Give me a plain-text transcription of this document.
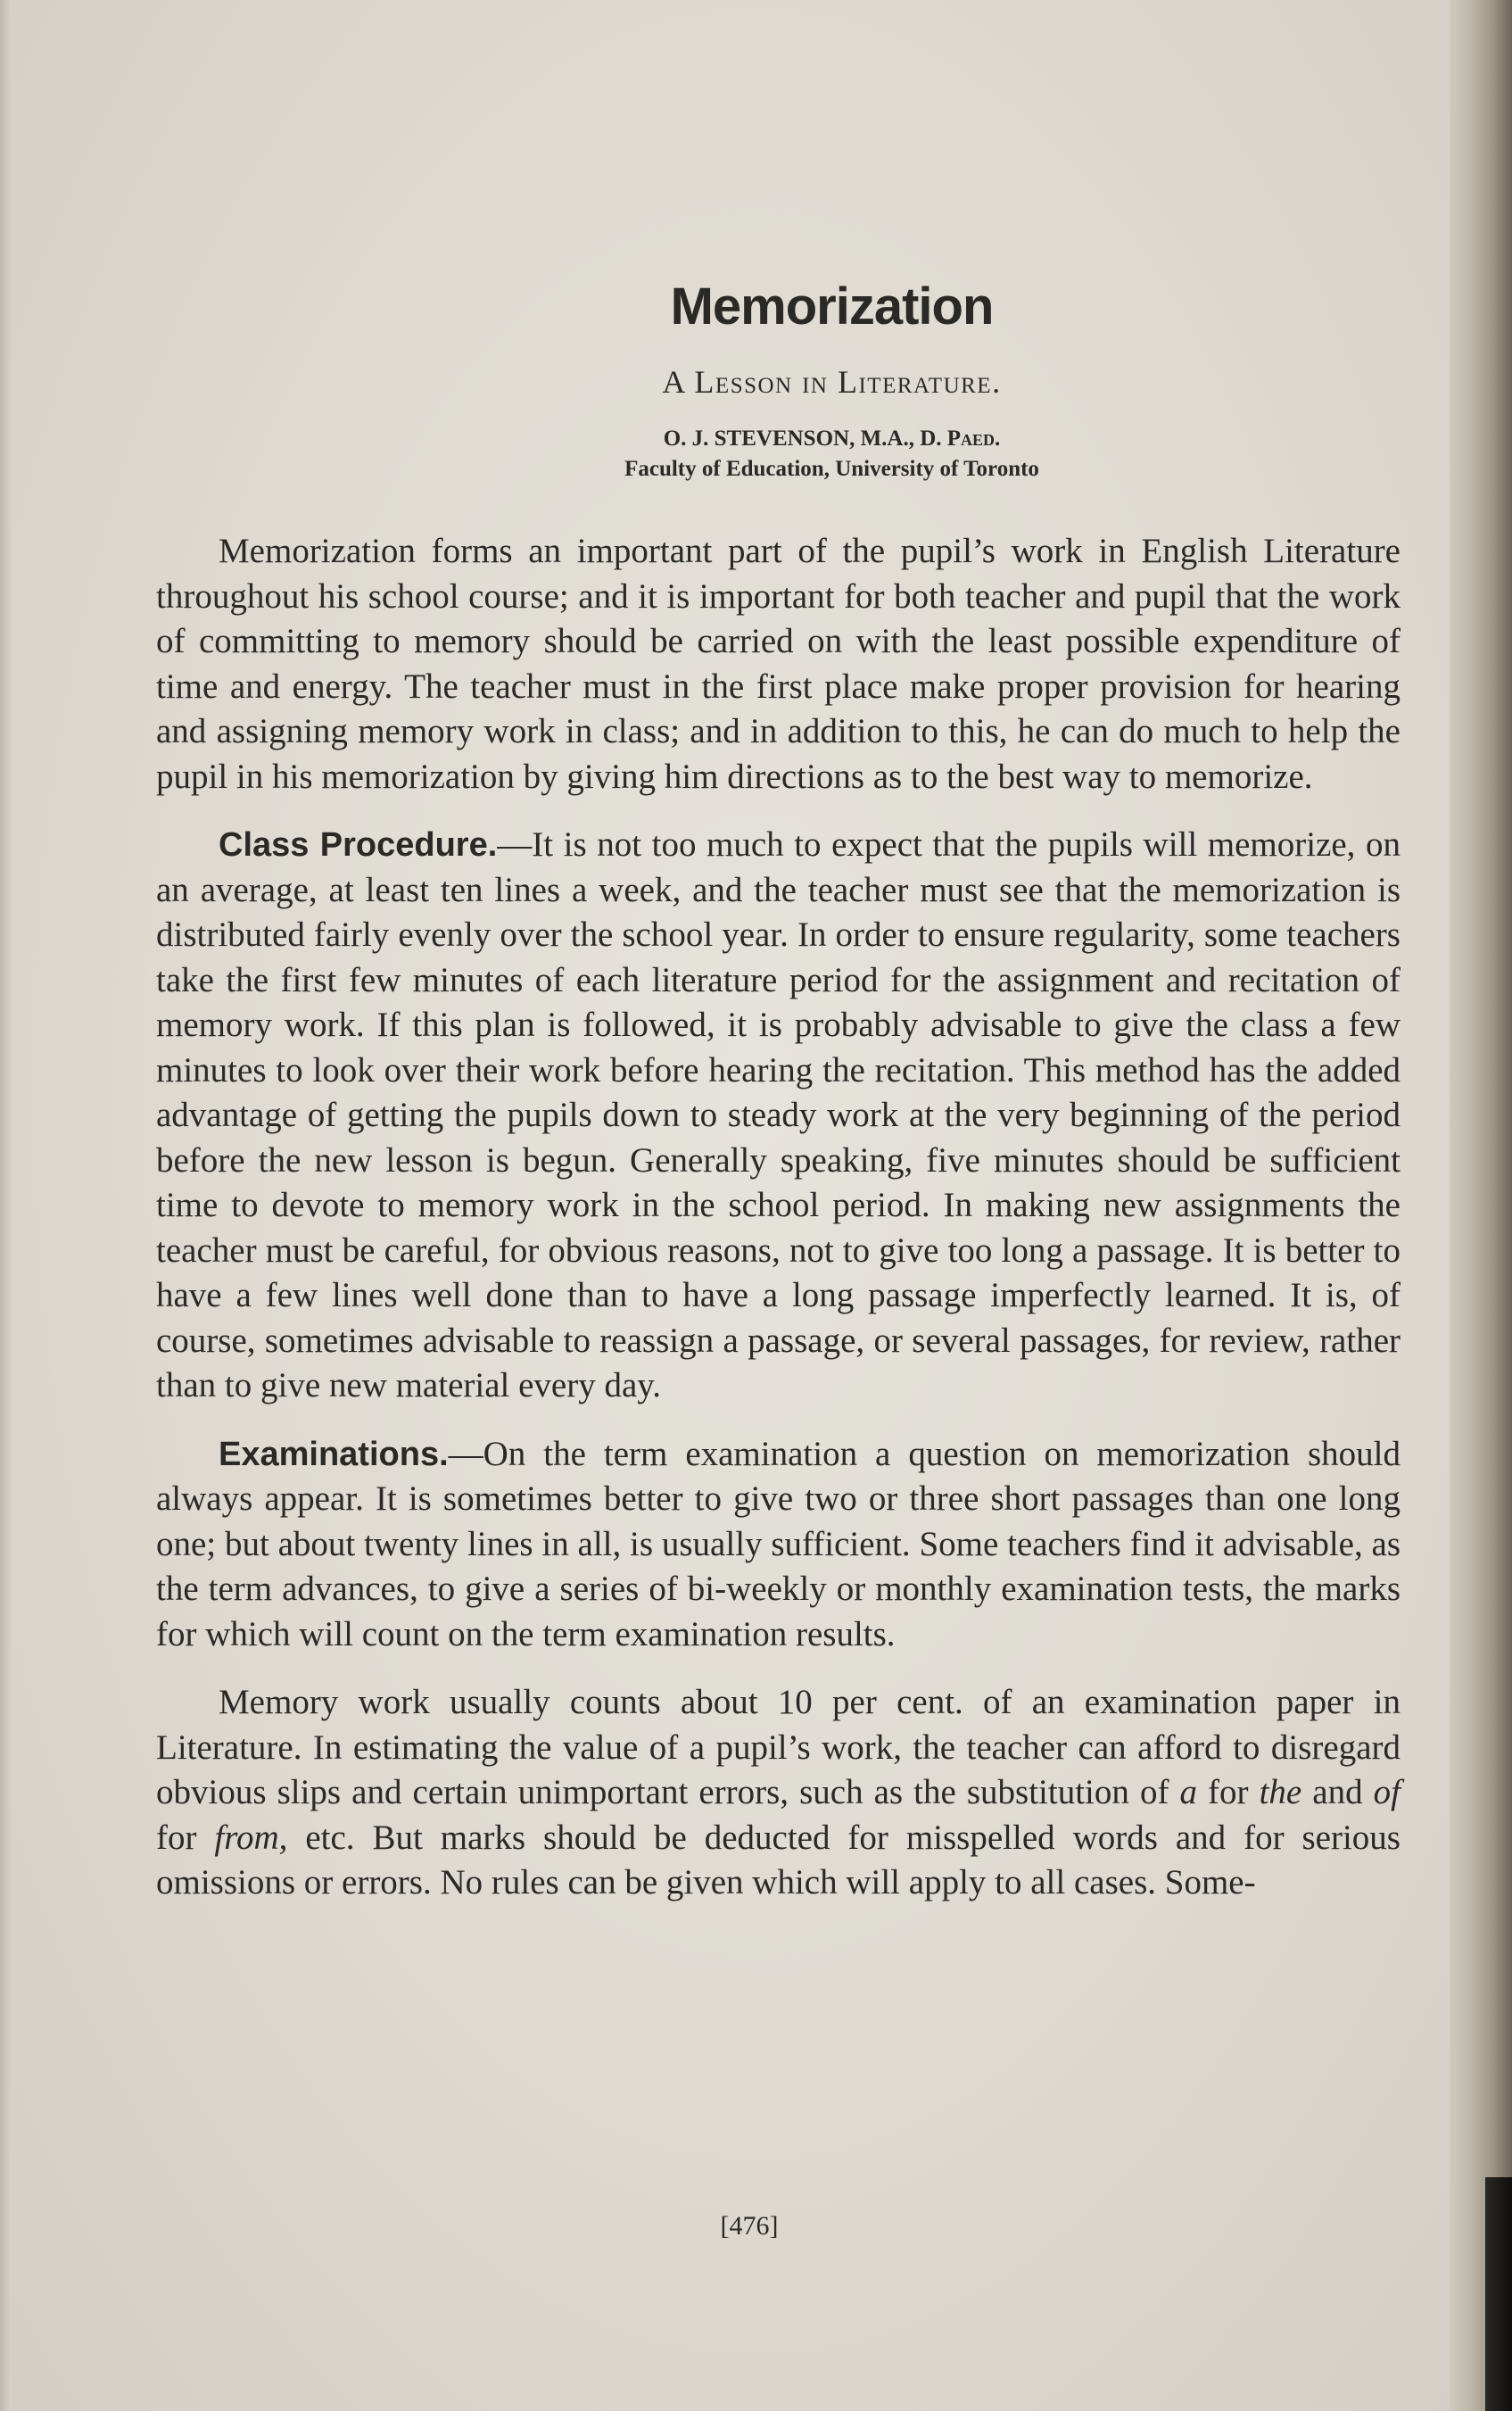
Memorization
A Lesson in Literature.
O. J. STEVENSON, M.A., D. Paed.
Faculty of Education, University of Toronto

Memorization forms an important part of the pupil’s work in English Literature throughout his school course; and it is important for both teacher and pupil that the work of committing to memory should be carried on with the least possible expenditure of time and energy. The teacher must in the first place make proper provision for hearing and assigning memory work in class; and in addition to this, he can do much to help the pupil in his memorization by giving him directions as to the best way to memorize.

Class Procedure.—It is not too much to expect that the pupils will memorize, on an average, at least ten lines a week, and the teacher must see that the memorization is distributed fairly evenly over the school year. In order to ensure regularity, some teachers take the first few minutes of each literature period for the assignment and recitation of memory work. If this plan is followed, it is probably advisable to give the class a few minutes to look over their work before hearing the recitation. This method has the added advantage of getting the pupils down to steady work at the very beginning of the period before the new lesson is begun. Generally speaking, five minutes should be sufficient time to devote to memory work in the school period. In making new assignments the teacher must be careful, for obvious reasons, not to give too long a passage. It is better to have a few lines well done than to have a long passage imperfectly learned. It is, of course, sometimes advisable to reassign a passage, or several passages, for review, rather than to give new material every day.

Examinations.—On the term examination a question on memorization should always appear. It is sometimes better to give two or three short passages than one long one; but about twenty lines in all, is usually sufficient. Some teachers find it advisable, as the term advances, to give a series of bi-weekly or monthly examination tests, the marks for which will count on the term examination results.

Memory work usually counts about 10 per cent. of an examination paper in Literature. In estimating the value of a pupil’s work, the teacher can afford to disregard obvious slips and certain unimportant errors, such as the substitution of a for the and of for from, etc. But marks should be deducted for misspelled words and for serious omissions or errors. No rules can be given which will apply to all cases. Some-

[476]
